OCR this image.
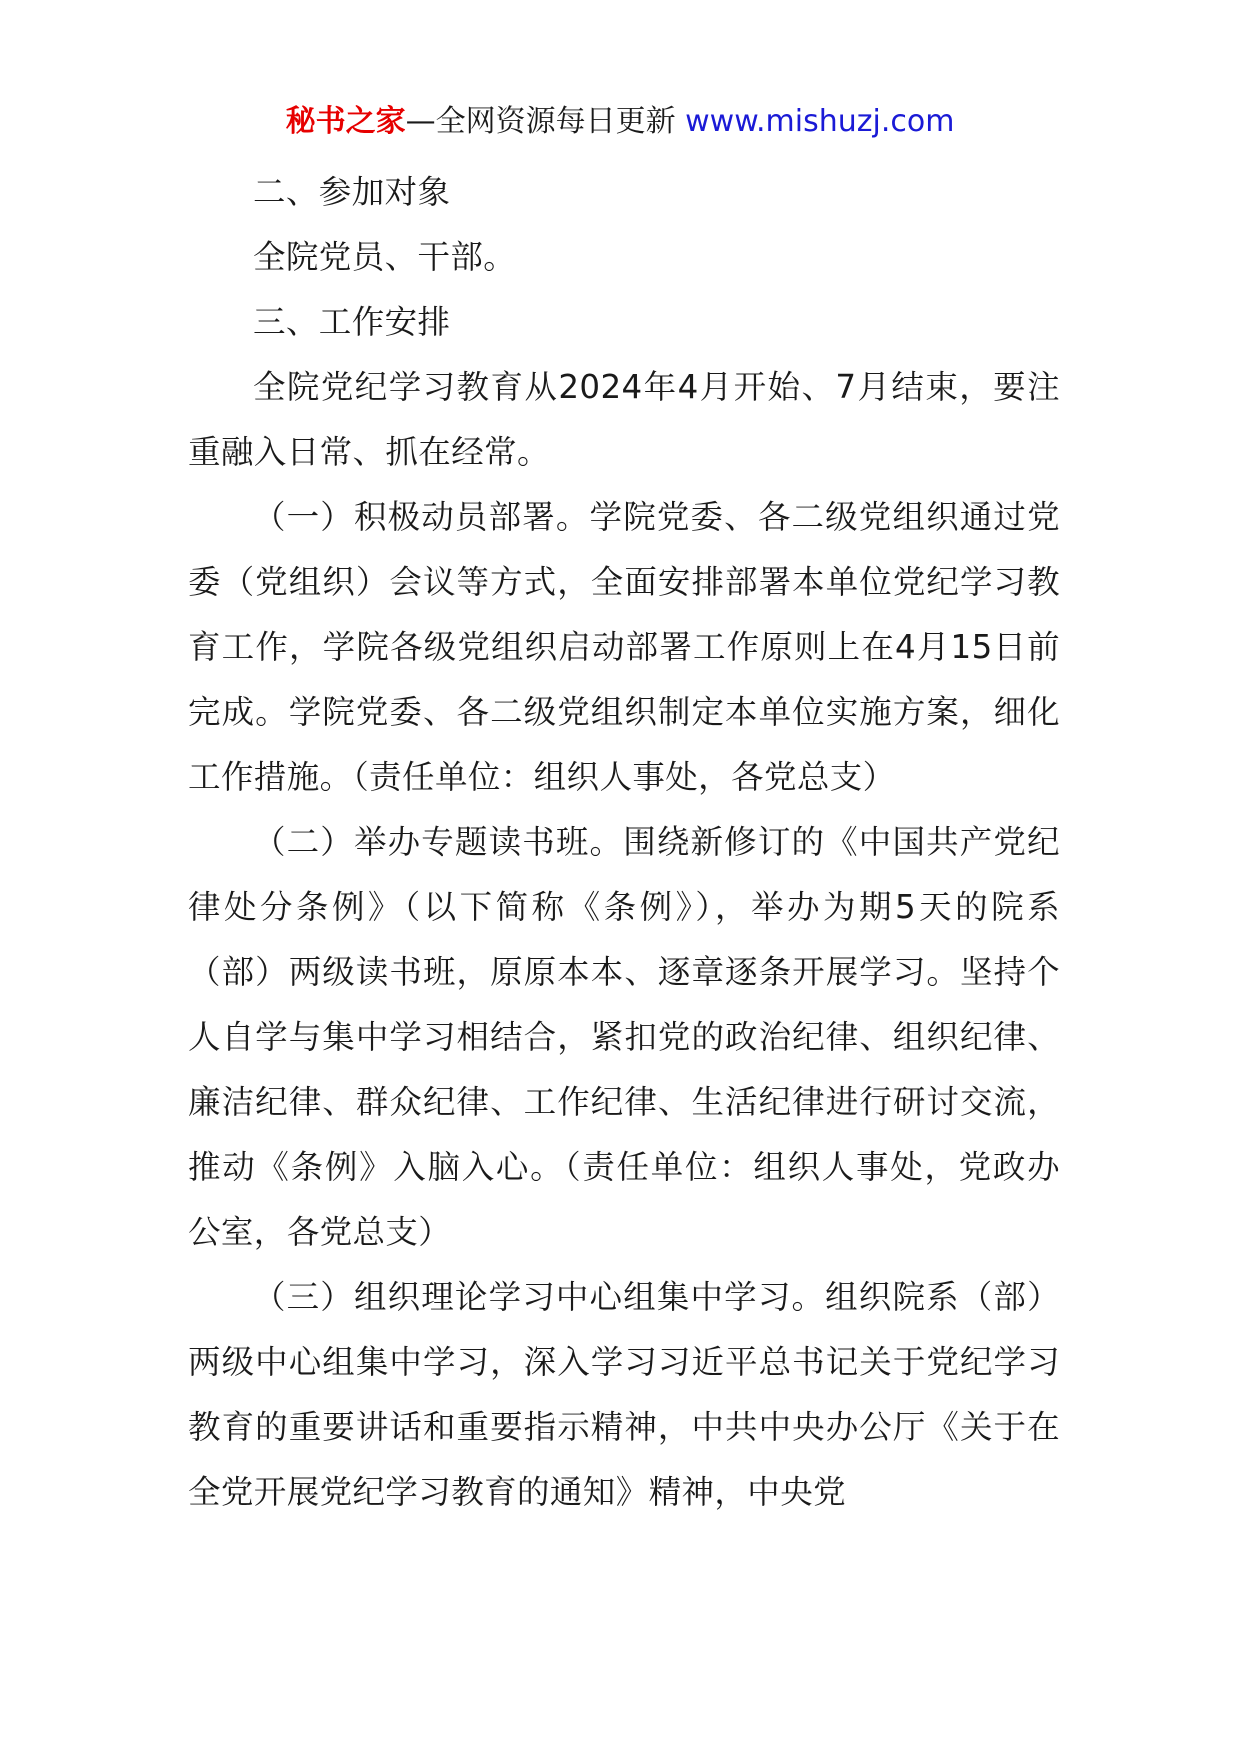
秘书之家—全网资源每日更新 www.mishuzj.com

二、参加对象

全院党员、干部。

三、工作安排

全院党纪学习教育从2024年4月开始、7月结束，要注重融入日常、抓在经常。

（一）积极动员部署。学院党委、各二级党组织通过党委（党组织）会议等方式，全面安排部署本单位党纪学习教育工作，学院各级党组织启动部署工作原则上在4月15日前完成。学院党委、各二级党组织制定本单位实施方案，细化工作措施。（责任单位：组织人事处，各党总支）

（二）举办专题读书班。围绕新修订的《中国共产党纪律处分条例》（以下简称《条例》），举办为期5天的院系（部）两级读书班，原原本本、逐章逐条开展学习。坚持个人自学与集中学习相结合，紧扣党的政治纪律、组织纪律、廉洁纪律、群众纪律、工作纪律、生活纪律进行研讨交流，推动《条例》入脑入心。（责任单位：组织人事处，党政办公室，各党总支）

（三）组织理论学习中心组集中学习。组织院系（部）两级中心组集中学习，深入学习习近平总书记关于党纪学习教育的重要讲话和重要指示精神，中共中央办公厅《关于在全党开展党纪学习教育的通知》精神，中央党
